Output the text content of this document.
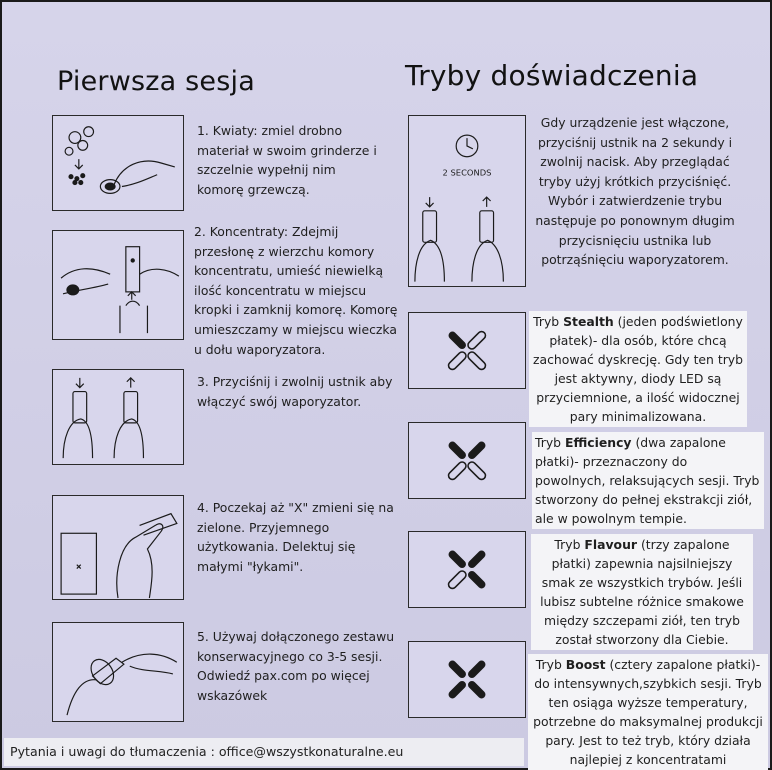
Pierwsza sesja
1. Kwiaty: zmiel drobno materiał w swoim grinderze i szczelnie wypełnij nim komorę grzewczą.
2. Koncentraty: Zdejmij przesłonę z wierzchu komory koncentratu, umieść niewielką ilość koncentratu w miejscu kropki i zamknij komorę. Komorę umieszczamy w miejscu wieczka u dołu waporyzatora.
3. Przyciśnij i zwolnij ustnik aby włączyć swój waporyzator.
4. Poczekaj aż "X" zmieni się na zielone. Przyjemnego użytkowania. Delektuj się małymi "łykami".
5. Używaj dołączonego zestawu konserwacyjnego co 3-5 sesji. Odwiedź pax.com po więcej wskazówek
Tryby doświadczenia
2 SECONDS
Gdy urządzenie jest włączone, przyciśnij ustnik na 2 sekundy i zwolnij nacisk. Aby przeglądać tryby użyj krótkich przyciśnięć. Wybór i zatwierdzenie trybu następuje po ponownym długim przycisnięciu ustnika lub potrząśnięciu waporyzatorem.
Tryb Stealth (jeden podświetlony płatek)- dla osób, które chcą zachować dyskrecję. Gdy ten tryb jest aktywny, diody LED są przyciemnione, a ilość widocznej pary minimalizowana.
Tryb Efficiency (dwa zapalone płatki)- przeznaczony do powolnych, relaksujących sesji. Tryb stworzony do pełnej ekstrakcji ziół, ale w powolnym tempie.
Tryb Flavour (trzy zapalone płatki) zapewnia najsilniejszy smak ze wszystkich trybów. Jeśli lubisz subtelne różnice smakowe między szczepami ziół, ten tryb został stworzony dla Ciebie.
Tryb Boost (cztery zapalone płatki)- do intensywnych,szybkich sesji. Tryb ten osiąga wyższe temperatury, potrzebne do maksymalnej produkcji pary. Jest to też tryb, który działa najlepiej z koncentratami
Pytania i uwagi do tłumaczenia : office@wszystkonaturalne.eu
